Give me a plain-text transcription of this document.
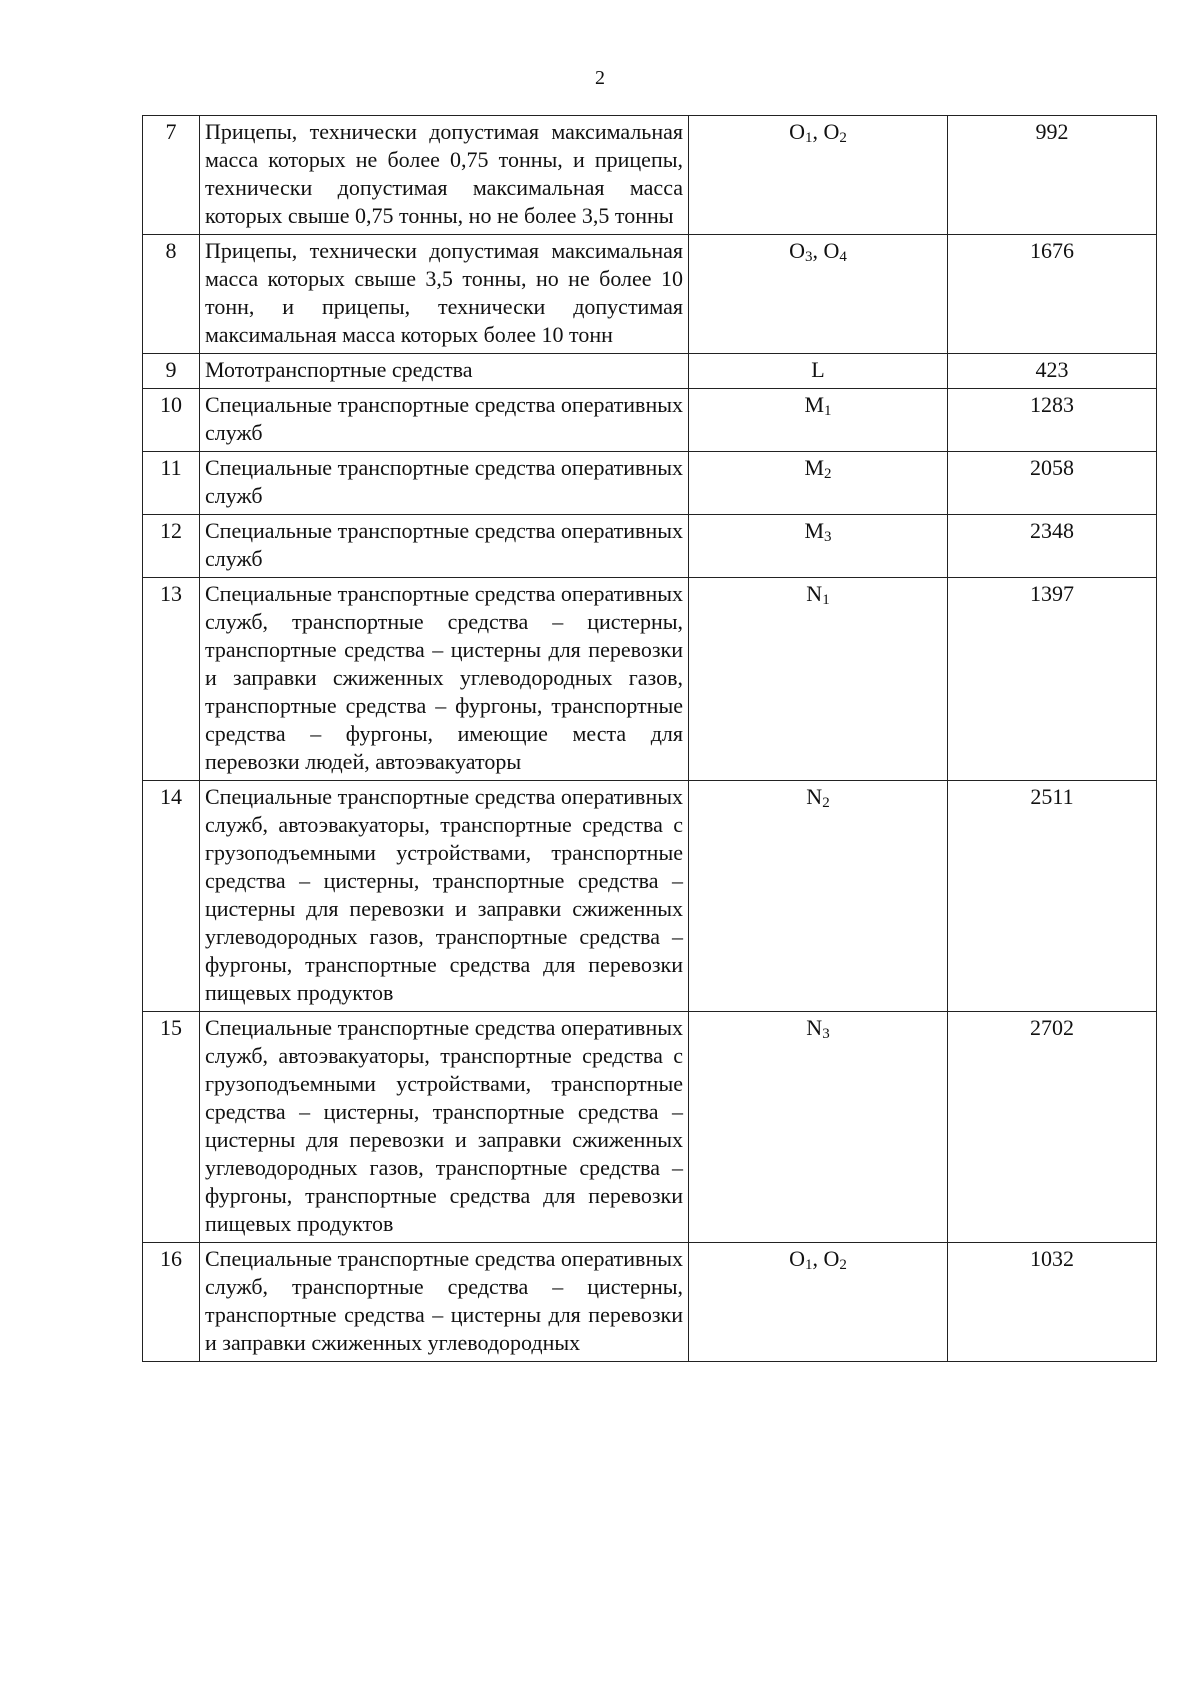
2
7	Прицепы, технически допустимая максимальная масса которых не более 0,75 тонны, и прицепы, технически допустимая максимальная масса которых свыше 0,75 тонны, но не более 3,5 тонны	$O_1$, $O_2$	992
8	Прицепы, технически допустимая максимальная масса которых свыше 3,5 тонны, но не более 10 тонн, и прицепы, технически допустимая максимальная масса которых более 10 тонн	$O_3$, $O_4$	1676
9	Мототранспортные средства	L	423
10	Специальные транспортные средства оперативных служб	$M_1$	1283
11	Специальные транспортные средства оперативных служб	$M_2$	2058
12	Специальные транспортные средства оперативных служб	$M_3$	2348
13	Специальные транспортные средства оперативных служб, транспортные средства – цистерны, транспортные средства – цистерны для перевозки и заправки сжиженных углеводородных газов, транспортные средства – фургоны, транспортные средства – фургоны, имеющие места для перевозки людей, автоэвакуаторы	$N_1$	1397
14	Специальные транспортные средства оперативных служб, автоэвакуаторы, транспортные средства с грузоподъемными устройствами, транспортные средства – цистерны, транспортные средства – цистерны для перевозки и заправки сжиженных углеводородных газов, транспортные средства – фургоны, транспортные средства для перевозки пищевых продуктов	$N_2$	2511
15	Специальные транспортные средства оперативных служб, автоэвакуаторы, транспортные средства с грузоподъемными устройствами, транспортные средства – цистерны, транспортные средства – цистерны для перевозки и заправки сжиженных углеводородных газов, транспортные средства – фургоны, транспортные средства для перевозки пищевых продуктов	$N_3$	2702
16	Специальные транспортные средства оперативных служб, транспортные средства – цистерны, транспортные средства – цистерны для перевозки и заправки сжиженных углеводородных	$O_1$, $O_2$	1032
